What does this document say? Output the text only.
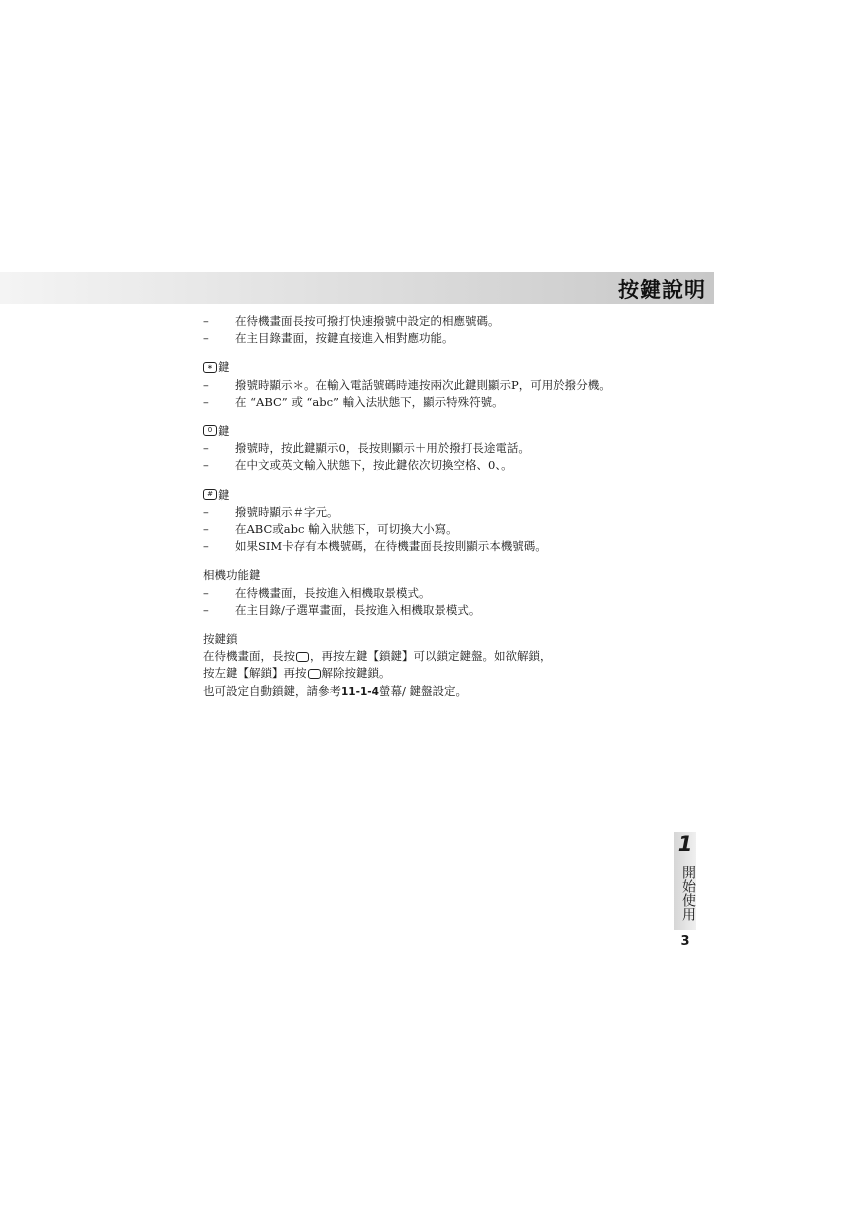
按鍵說明
– 在待機畫面長按可撥打快速撥號中設定的相應號碼。
– 在主目錄畫面，按鍵直接進入相對應功能。
∗ 鍵
– 撥號時顯示＊。在輸入電話號碼時連按兩次此鍵則顯示P，可用於撥分機。
– 在 “ABC” 或 “abc” 輸入法狀態下，顯示特殊符號。
0 鍵
– 撥號時，按此鍵顯示0，長按則顯示＋用於撥打長途電話。
– 在中文或英文輸入狀態下，按此鍵依次切換空格、0、。
# 鍵
– 撥號時顯示＃字元。
– 在ABC或abc 輸入狀態下，可切換大小寫。
– 如果SIM卡存有本機號碼，在待機畫面長按則顯示本機號碼。
相機功能鍵
– 在待機畫面，長按進入相機取景模式。
– 在主目錄/子選單畫面，長按進入相機取景模式。
按鍵鎖
在待機畫面，長按 ，再按左鍵【鎖鍵】可以鎖定鍵盤。如欲解鎖，
按左鍵【解鎖】再按 解除按鍵鎖。
也可設定自動鎖鍵，請參考11-1-4螢幕/ 鍵盤設定。
1
開始使用
3
